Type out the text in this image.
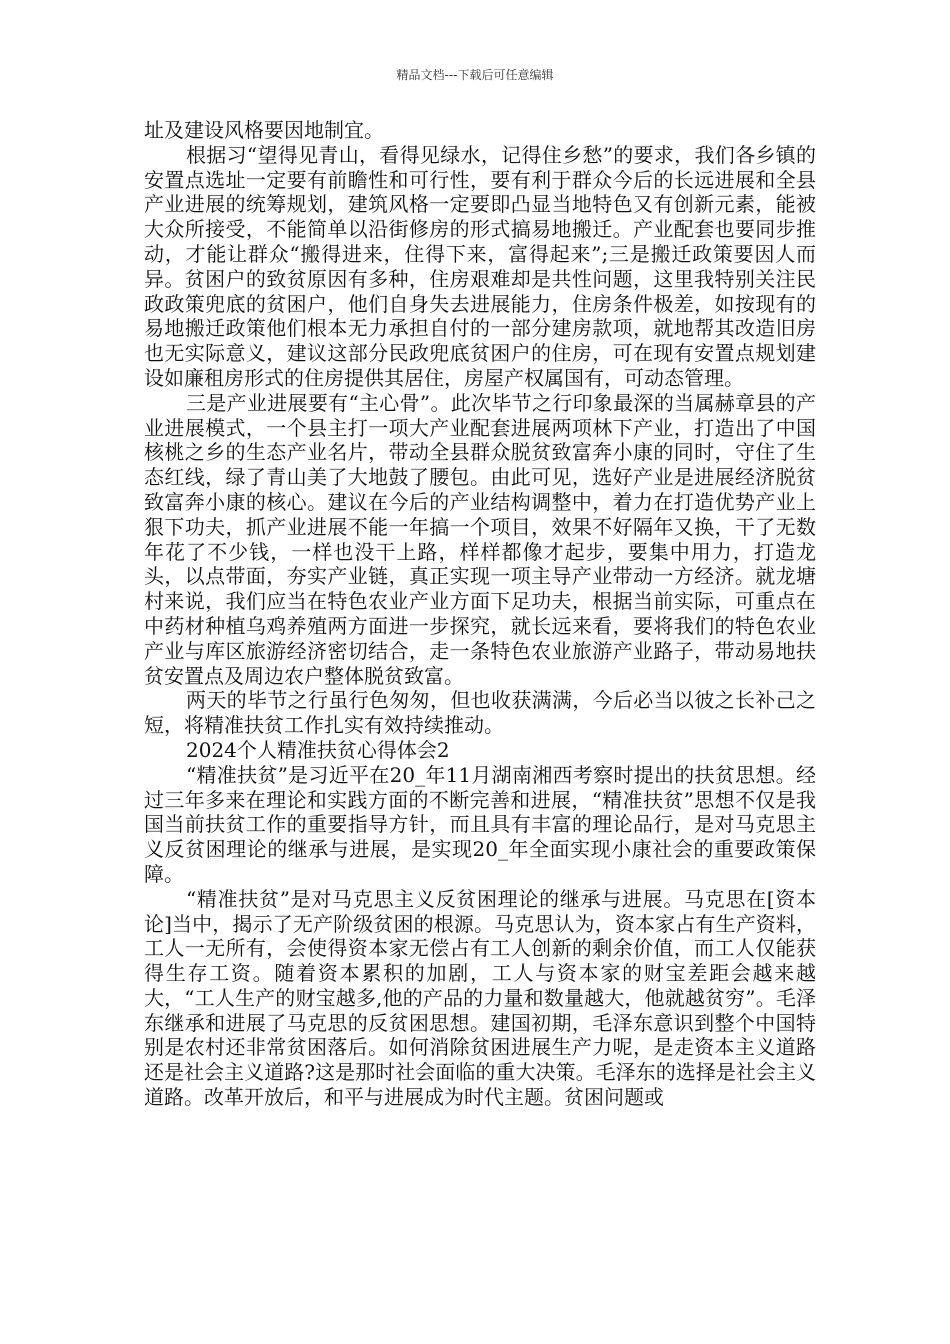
精品文档---下载后可任意编辑

址及建设风格要因地制宜。

根据习“望得见青山，看得见绿水，记得住乡愁”的要求，我们各乡镇的安置点选址一定要有前瞻性和可行性，要有利于群众今后的长远进展和全县产业进展的统筹规划，建筑风格一定要即凸显当地特色又有创新元素，能被大众所接受，不能简单以沿街修房的形式搞易地搬迁。产业配套也要同步推动，才能让群众“搬得进来，住得下来，富得起来”;三是搬迁政策要因人而异。贫困户的致贫原因有多种，住房艰难却是共性问题，这里我特别关注民政政策兜底的贫困户，他们自身失去进展能力，住房条件极差，如按现有的易地搬迁政策他们根本无力承担自付的一部分建房款项，就地帮其改造旧房也无实际意义，建议这部分民政兜底贫困户的住房，可在现有安置点规划建设如廉租房形式的住房提供其居住，房屋产权属国有，可动态管理。

三是产业进展要有“主心骨”。此次毕节之行印象最深的当属赫章县的产业进展模式，一个县主打一项大产业配套进展两项林下产业，打造出了中国核桃之乡的生态产业名片，带动全县群众脱贫致富奔小康的同时，守住了生态红线，绿了青山美了大地鼓了腰包。由此可见，选好产业是进展经济脱贫致富奔小康的核心。建议在今后的产业结构调整中，着力在打造优势产业上狠下功夫，抓产业进展不能一年搞一个项目，效果不好隔年又换，干了无数年花了不少钱，一样也没干上路，样样都像才起步，要集中用力，打造龙头，以点带面，夯实产业链，真正实现一项主导产业带动一方经济。就龙塘村来说，我们应当在特色农业产业方面下足功夫，根据当前实际，可重点在中药材种植乌鸡养殖两方面进一步探究，就长远来看，要将我们的特色农业产业与库区旅游经济密切结合，走一条特色农业旅游产业路子，带动易地扶贫安置点及周边农户整体脱贫致富。

两天的毕节之行虽行色匆匆，但也收获满满，今后必当以彼之长补己之短，将精准扶贫工作扎实有效持续推动。

2024个人精准扶贫心得体会2

“精准扶贫”是习近平在20_年11月湖南湘西考察时提出的扶贫思想。经过三年多来在理论和实践方面的不断完善和进展，“精准扶贫”思想不仅是我国当前扶贫工作的重要指导方针，而且具有丰富的理论品行，是对马克思主义反贫困理论的继承与进展，是实现20_年全面实现小康社会的重要政策保障。

“精准扶贫”是对马克思主义反贫困理论的继承与进展。马克思在[资本论]当中，揭示了无产阶级贫困的根源。马克思认为，资本家占有生产资料，工人一无所有，会使得资本家无偿占有工人创新的剩余价值，而工人仅能获得生存工资。随着资本累积的加剧，工人与资本家的财宝差距会越来越大，“工人生产的财宝越多,他的产品的力量和数量越大，他就越贫穷”。毛泽东继承和进展了马克思的反贫困思想。建国初期，毛泽东意识到整个中国特别是农村还非常贫困落后。如何消除贫困进展生产力呢，是走资本主义道路还是社会主义道路?这是那时社会面临的重大决策。毛泽东的选择是社会主义道路。改革开放后，和平与进展成为时代主题。贫困问题或
